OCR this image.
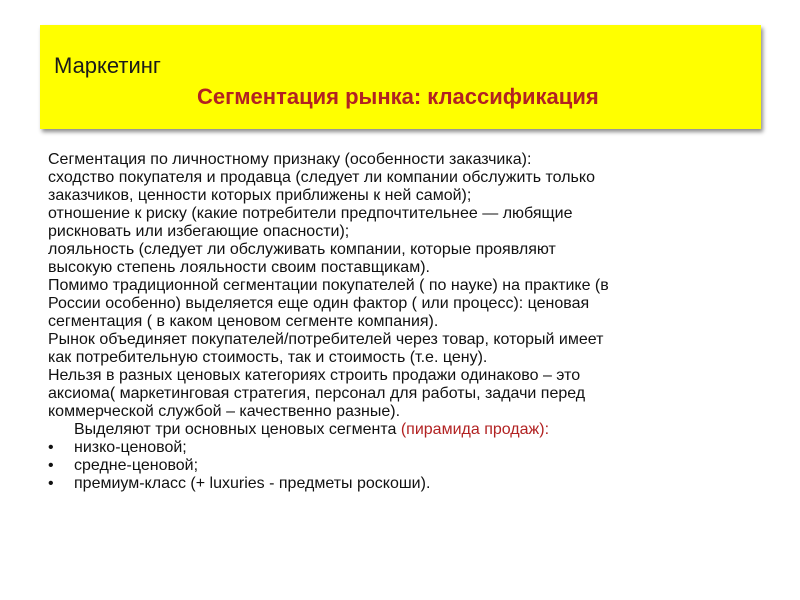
Маркетинг
Сегментация рынка: классификация

Сегментация по личностному признаку (особенности заказчика):

сходство покупателя и продавца (следует ли компании обслужить только
заказчиков, ценности которых приближены к ней самой);

отношение к риску (какие потребители предпочтительнее — любящие
рискновать или избегающие опасности);

лояльность (следует ли обслуживать компании, которые проявляют
высокую степень лояльности своим поставщикам).

Помимо традиционной сегментации покупателей ( по науке) на практике (в
России особенно) выделяется еще один фактор ( или процесс): ценовая
сегментация ( в каком ценовом сегменте компания).

Рынок объединяет покупателей/потребителей через товар, который имеет
как потребительную стоимость, так и стоимость (т.е. цену).

Нельзя в разных ценовых категориях строить продажи одинаково – это
аксиома( маркетинговая стратегия, персонал для работы, задачи перед
коммерческой службой – качественно разные).

Выделяют три основных ценовых сегмента (пирамида продаж):

• низко-ценовой;

• средне-ценовой;

• премиум-класс (+ luxuries - предметы роскоши).
